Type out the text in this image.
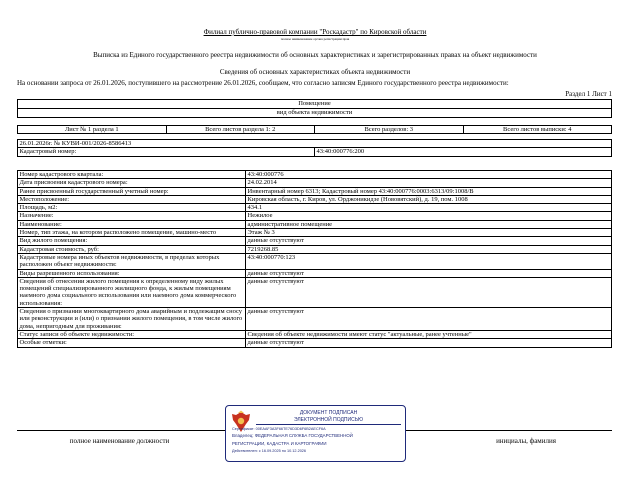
Филиал публично-правовой компании "Роскадастр" по Кировской области
полное наименование органа регистрации прав
Выписка из Единого государственного реестра недвижимости об основных характеристиках и зарегистрированных правах на объект недвижимости
Сведения об основных характеристиках объекта недвижимости
На основании запроса от 26.01.2026, поступившего на рассмотрение 26.01.2026, сообщаем, что согласно записям Единого государственного реестра недвижимости:
Раздел 1 Лист 1
Помещение
вид объекта недвижимости
Лист № 1 раздела 1	Всего листов раздела 1: 2	Всего разделов: 3	Всего листов выписки: 4
26.01.2026г. № КУВИ-001/2026-8586413
Кадастровый номер:	43:40:000776:200
Номер кадастрового квартала:	43:40:000776
Дата присвоения кадастрового номера:	24.02.2014
Ранее присвоенный государственный учетный номер:	Инвентарный номер 6313; Кадастровый номер 43:40:000776:0003:6313/09:1008/В
Местоположение:	Кировская область, г. Киров, ул. Орджоникидзе (Нововятский), д. 19, пом. 1008
Площадь, м2:	434.1
Назначение:	Нежилое
Наименование:	административное помещение
Номер, тип этажа, на котором расположено помещение, машино-место	Этаж № 3
Вид жилого помещения:	данные отсутствуют
Кадастровая стоимость, руб:	7219268.85
Кадастровые номера иных объектов недвижимости, в пределах которых расположен объект недвижимости:	43:40:000770:123
Виды разрешенного использования:	данные отсутствуют
Сведения об отнесении жилого помещения к определенному виду жилых помещений специализированного жилищного фонда, к жилым помещениям наемного дома социального использования или наемного дома коммерческого использования:	данные отсутствуют
Сведения о признании многоквартирного дома аварийным и подлежащим сносу или реконструкции и (или) о признании жилого помещения, в том числе жилого дома, непригодным для проживания:	данные отсутствуют
Статус записи об объекте недвижимости:	Сведения об объекте недвижимости имеют статус "актуальные, ранее учтенные"
Особые отметки:	данные отсутствуют
полное наименование должности	инициалы, фамилия
ДОКУМЕНТ ПОДПИСАН
ЭЛЕКТРОННОЙ ПОДПИСЬЮ
Сертификат: 00EAAF3A3F66TE76D3D6F6B2AECF6A
Владелец: ФЕДЕРАЛЬНАЯ СЛУЖБА ГОСУДАРСТВЕННОЙ
РЕГИСТРАЦИИ, КАДАСТРА И КАРТОГРАФИИ
Действителен: с 16.09.2025 по 10.12.2026
